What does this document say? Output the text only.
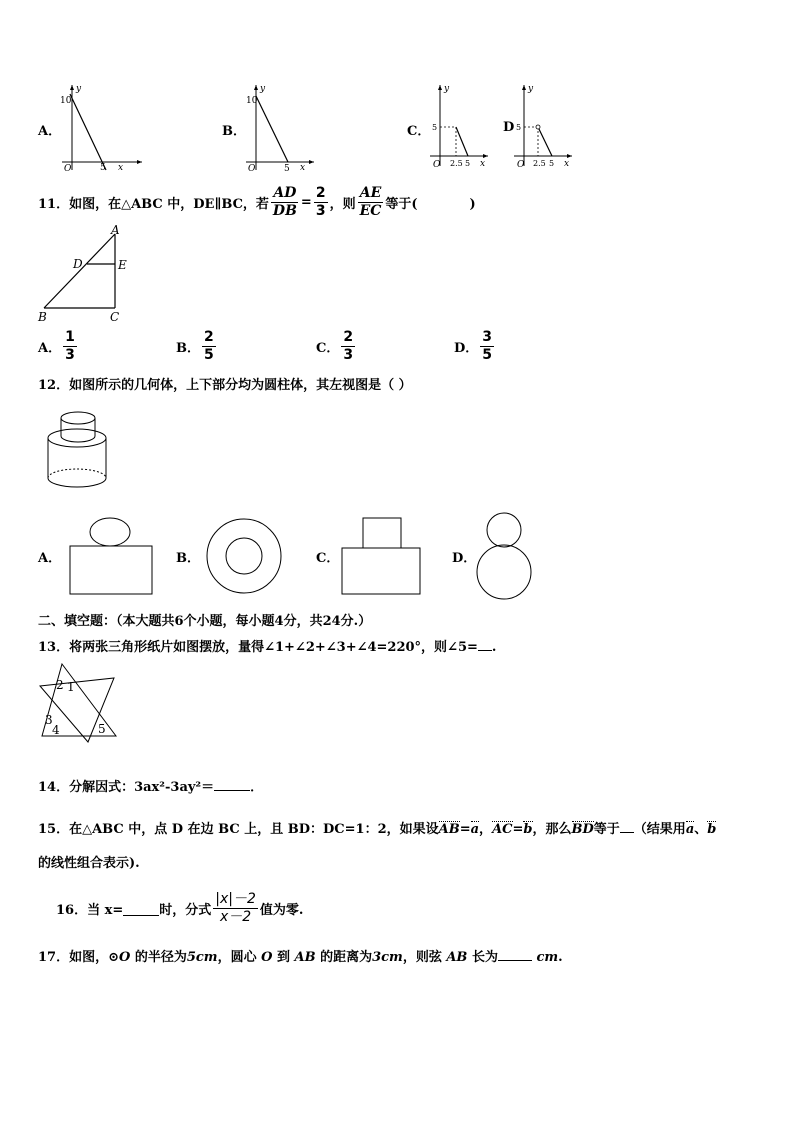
A．
y
10
O	5 x
B．
y
10
O	5 x
C．
y
5
O 2.5 5 x
D
y
5
O 2.5 5 x
11．如图，在△ABC 中，DE∥BC，若 $\frac{AD}{DB} = \frac{2}{3}$ ，则 $\frac{AE}{EC}$ 等于(　　　　)
A
B	C
D	E
A． $\frac{1}{3}$	B． $\frac{2}{5}$	C． $\frac{2}{3}$	D． $\frac{3}{5}$
12．如图所示的几何体，上下部分均为圆柱体，其左视图是（ ）
A．	B．	C．	D．
二、填空题：（本大题共6个小题，每小题4分，共24分.）
13．将两张三角形纸片如图摆放，量得∠1+∠2+∠3+∠4=220°，则∠5= .
2 1
3
4	5
14．分解因式：3ax²-3ay²＝	．
15．在△ABC 中，点 D 在边 BC 上，且 BD：DC=1：2，如果设AB=a，AC=b，那么BD等于 （结果用a、b
的线性组合表示).
16．当 x=	时，分式 $\frac{|x|-2}{x-2}$ 值为零.
17．如图，⊙O 的半径为5cm，圆心 O 到 AB 的距离为3cm，则弦 AB 长为	cm.
